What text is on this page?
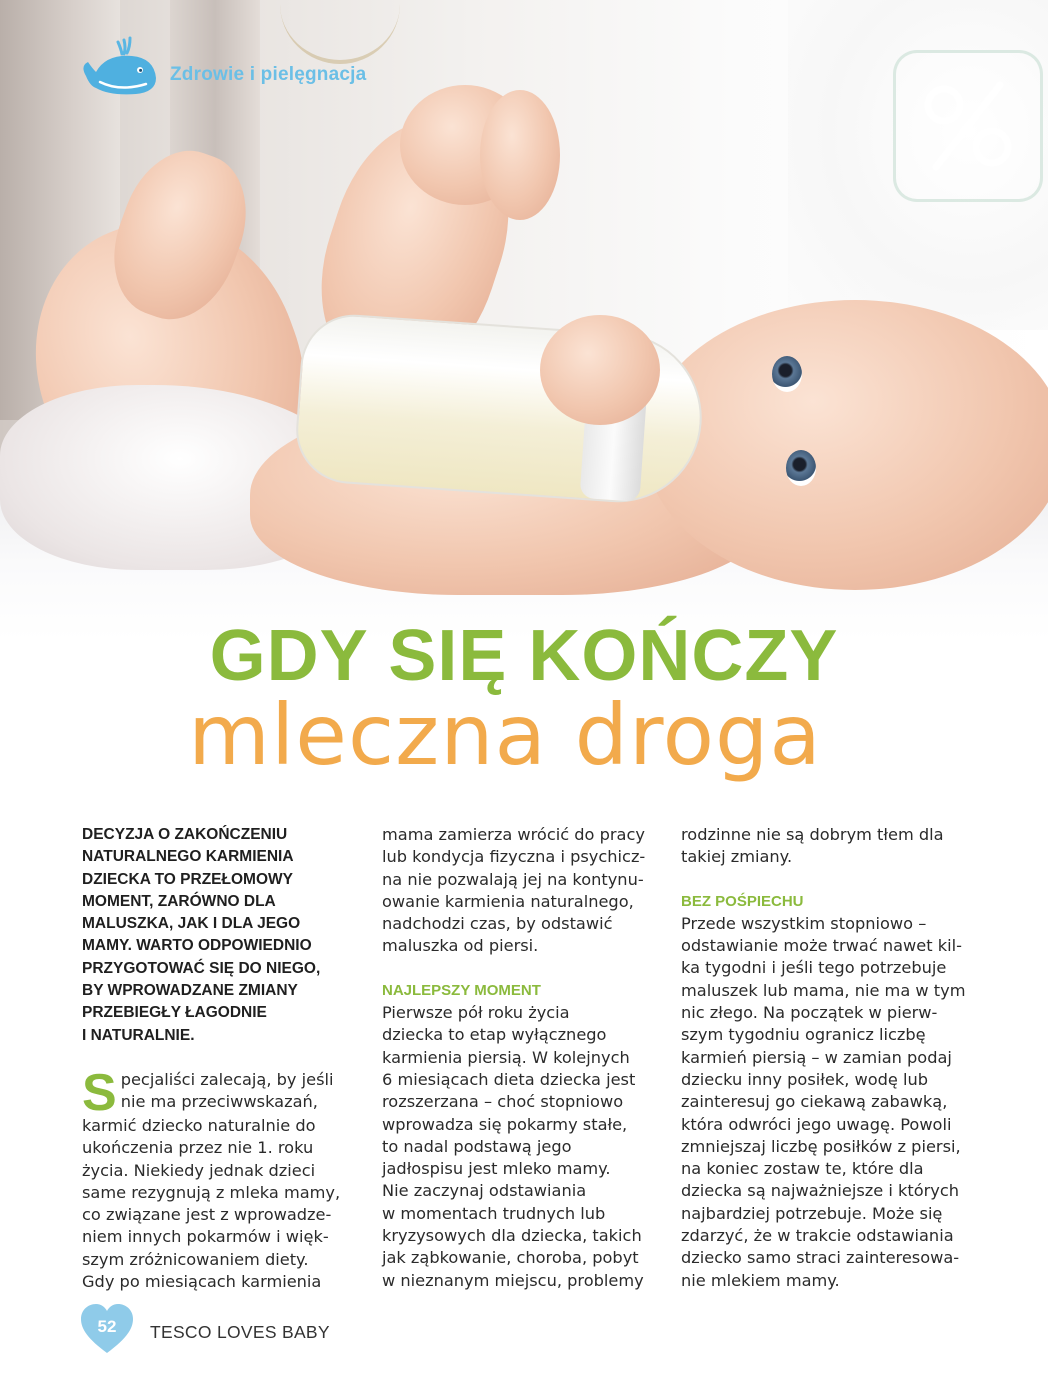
Zdrowie i pielęgnacja
GDY SIĘ KOŃCZY
mleczna droga

DECYZJA O ZAKOŃCZENIU
NATURALNEGO KARMIENIA
DZIECKA TO PRZEŁOMOWY
MOMENT, ZARÓWNO DLA
MALUSZKA, JAK I DLA JEGO
MAMY. WARTO ODPOWIEDNIO
PRZYGOTOWAĆ SIĘ DO NIEGO,
BY WPROWADZANE ZMIANY
PRZEBIEGŁY ŁAGODNIE
I NATURALNIE.

S pecjaliści zalecają, by jeśli
nie ma przeciwwskazań,

karmić dziecko naturalnie do
ukończenia przez nie 1. roku
życia. Niekiedy jednak dzieci
same rezygnują z mleka mamy,
co związane jest z wprowadze-
niem innych pokarmów i więk-
szym zróżnicowaniem diety.
Gdy po miesiącach karmienia

mama zamierza wrócić do pracy
lub kondycja fizyczna i psychicz-
na nie pozwalają jej na kontynu-
owanie karmienia naturalnego,
nadchodzi czas, by odstawić
maluszka od piersi.

NAJLEPSZY MOMENT

Pierwsze pół roku życia
dziecka to etap wyłącznego
karmienia piersią. W kolejnych
6 miesiącach dieta dziecka jest
rozszerzana – choć stopniowo
wprowadza się pokarmy stałe,
to nadal podstawą jego
jadłospisu jest mleko mamy.
Nie zaczynaj odstawiania
w momentach trudnych lub
kryzysowych dla dziecka, takich
jak ząbkowanie, choroba, pobyt
w nieznanym miejscu, problemy

rodzinne nie są dobrym tłem dla
takiej zmiany.

BEZ POŚPIECHU

Przede wszystkim stopniowo –
odstawianie może trwać nawet kil-
ka tygodni i jeśli tego potrzebuje
maluszek lub mama, nie ma w tym
nic złego. Na początek w pierw-
szym tygodniu ogranicz liczbę
karmień piersią – w zamian podaj
dziecku inny posiłek, wodę lub
zainteresuj go ciekawą zabawką,
która odwróci jego uwagę. Powoli
zmniejszaj liczbę posiłków z piersi,
na koniec zostaw te, które dla
dziecka są najważniejsze i których
najbardziej potrzebuje. Może się
zdarzyć, że w trakcie odstawiania
dziecko samo straci zainteresowa-
nie mlekiem mamy.

52	TESCO LOVES BABY
